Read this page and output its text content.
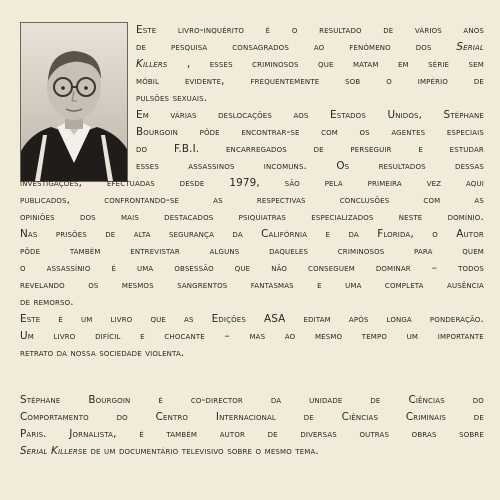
Este livro-inquérito é o resultado de vários anos
de pesquisa consagrados ao fenómeno dos Serial
Killers , esses criminosos que matam em série sem
móbil evidente, frequentemente sob o império de
pulsões sexuais.
Em várias deslocações aos Estados Unidos, Stéphane
Bourgoin pôde encontrar-se com os agentes especiais
do	F.B.I.	encarregados	de	perseguir	e	estudar
esses	assassinos	incomuns.	Os	resultados	dessas
investigações, efectuadas desde 1979, são pela primeira vez aqui
publicados,	confrontando-se	as	respectivas	conclusões	com	as
opiniões dos mais destacados psiquiatras especializados neste domínio.
Nas prisões de alta segurança da Califórnia e da Florida, o Autor
pôde	também	entrevistar	alguns	daqueles	criminosos	para	quem
o assassínio é uma obsessão que não conseguem dominar – todos
revelando os mesmos sangrentos fantasmas e uma completa ausência
de remorso.
Este é um livro que as Edições ASA editam após longa ponderação.
Um livro difícil e chocante – mas ao mesmo tempo um importante
retrato da nossa sociedade violenta.
Stéphane	Bourgoin	é	co-director	da	unidade	de	Ciências	do
Comportamento	do	Centro	Internacional	de	Ciências	Criminais	de
Paris. Jornalista, é também autor de diversas outras obras sobre
Serial Killers e de um documentário televisivo sobre o mesmo tema.
